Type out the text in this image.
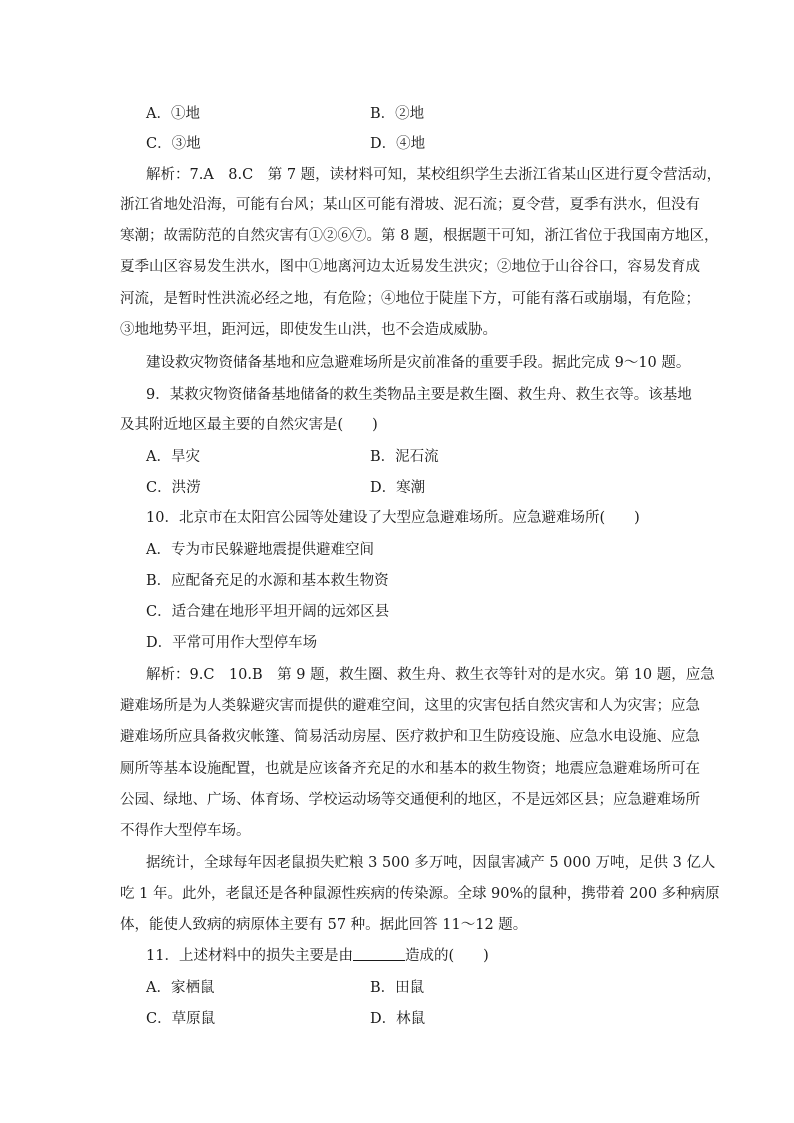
A．①地	B．②地
C．③地	D．④地
解析：7.A　8.C　第 7 题，读材料可知，某校组织学生去浙江省某山区进行夏令营活动，
浙江省地处沿海，可能有台风；某山区可能有滑坡、泥石流；夏令营，夏季有洪水，但没有
寒潮；故需防范的自然灾害有①②⑥⑦。第 8 题，根据题干可知，浙江省位于我国南方地区，
夏季山区容易发生洪水，图中①地离河边太近易发生洪灾；②地位于山谷谷口，容易发育成
河流，是暂时性洪流必经之地，有危险；④地位于陡崖下方，可能有落石或崩塌，有危险；
③地地势平坦，距河远，即使发生山洪，也不会造成威胁。
建设救灾物资储备基地和应急避难场所是灾前准备的重要手段。据此完成 9～10 题。
9．某救灾物资储备基地储备的救生类物品主要是救生圈、救生舟、救生衣等。该基地
及其附近地区最主要的自然灾害是(　　)
A．旱灾	B．泥石流
C．洪涝	D．寒潮
10．北京市在太阳宫公园等处建设了大型应急避难场所。应急避难场所(　　)
A．专为市民躲避地震提供避难空间
B．应配备充足的水源和基本救生物资
C．适合建在地形平坦开阔的远郊区县
D．平常可用作大型停车场
解析：9.C　10.B　第 9 题，救生圈、救生舟、救生衣等针对的是水灾。第 10 题，应急
避难场所是为人类躲避灾害而提供的避难空间，这里的灾害包括自然灾害和人为灾害；应急
避难场所应具备救灾帐篷、简易活动房屋、医疗救护和卫生防疫设施、应急水电设施、应急
厕所等基本设施配置，也就是应该备齐充足的水和基本的救生物资；地震应急避难场所可在
公园、绿地、广场、体育场、学校运动场等交通便利的地区，不是远郊区县；应急避难场所
不得作大型停车场。
据统计，全球每年因老鼠损失贮粮 3 500 多万吨，因鼠害减产 5 000 万吨，足供 3 亿人
吃 1 年。此外，老鼠还是各种鼠源性疾病的传染源。全球 90%的鼠种，携带着 200 多种病原
体，能使人致病的病原体主要有 57 种。据此回答 11～12 题。
11．上述材料中的损失主要是由	造成的(　　)
A．家栖鼠	B．田鼠
C．草原鼠	D．林鼠
